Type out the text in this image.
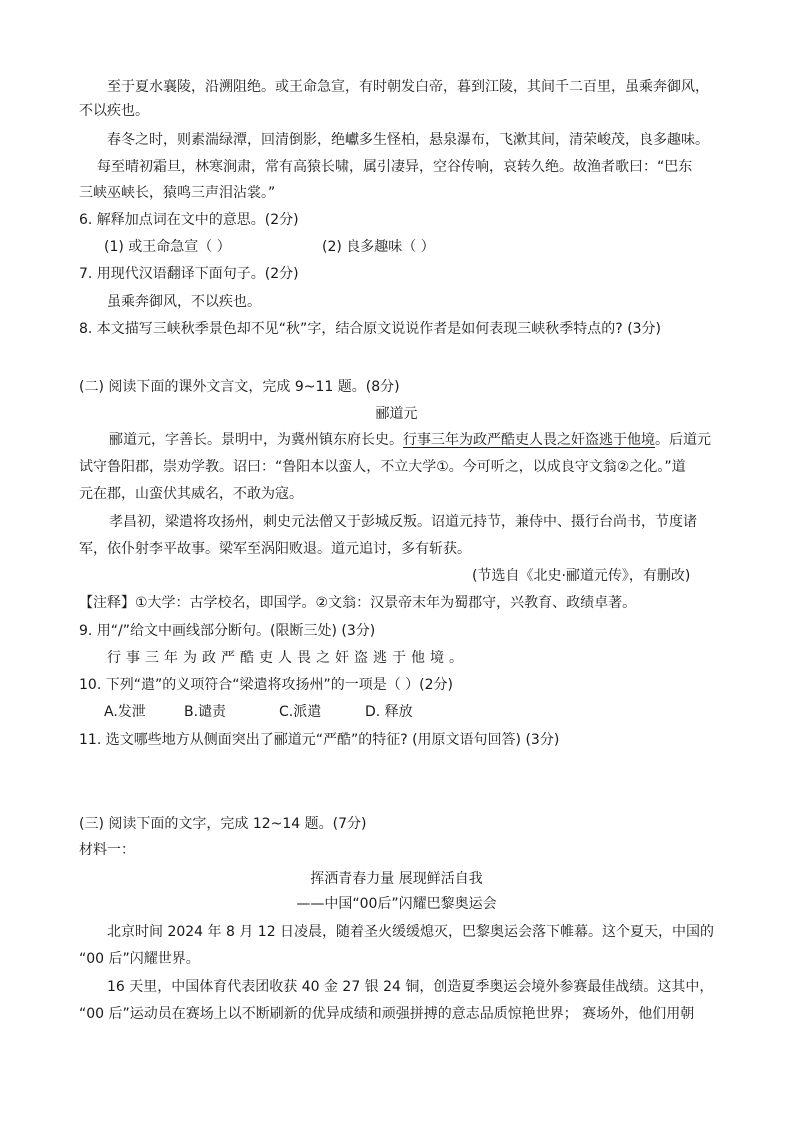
至于夏水襄陵，沿溯阻绝。或王命急宣，有时朝发白帝，暮到江陵，其间千二百里，虽乘奔御风，
不以疾也。
春冬之时，则素湍绿潭，回清倒影，绝巘多生怪柏，悬泉瀑布，飞漱其间，清荣峻茂，良多趣味。
每至晴初霜旦，林寒涧肃，常有高猿长啸，属引凄异，空谷传响，哀转久绝。故渔者歌曰：“巴东
三峡巫峡长，猿鸣三声泪沾裳。”
6. 解释加点词在文中的意思。(2分)
(1) 或王命急宣（ ）	(2) 良多趣味（ ）
7. 用现代汉语翻译下面句子。(2分)
虽乘奔御风，不以疾也。
8. 本文描写三峡秋季景色却不见“秋”字，结合原文说说作者是如何表现三峡秋季特点的? (3分)
(二) 阅读下面的课外文言文，完成 9~11 题。(8分)
郦道元
郦道元，字善长。景明中，为冀州镇东府长史。行事三年为政严酷吏人畏之奸盗逃于他境。后道元
试守鲁阳郡，崇劝学教。诏曰：“鲁阳本以蛮人，不立大学①。今可听之，以成良守文翁②之化。”道
元在郡，山蛮伏其威名，不敢为寇。
孝昌初，梁遣将攻扬州，刺史元法僧又于彭城反叛。诏道元持节，兼侍中、摄行台尚书，节度诸
军，依仆射李平故事。梁军至涡阳败退。道元追讨，多有斩获。
(节选自《北史·郦道元传》，有删改)
【注释】①大学：古学校名，即国学。②文翁：汉景帝末年为蜀郡守，兴教育、政绩卓著。
9. 用“/”给文中画线部分断句。(限断三处) (3分)
行事三年为政严酷吏人畏之奸盗逃于他境。
10. 下列“遣”的义项符合“梁遣将攻扬州”的一项是（ ）(2分)
A.发泄	B.谴责	C.派遣	D. 释放
11. 选文哪些地方从侧面突出了郦道元“严酷”的特征? (用原文语句回答) (3分)
(三) 阅读下面的文字，完成 12~14 题。(7分)
材料一：
挥洒青春力量 展现鲜活自我
——中国“00后”闪耀巴黎奥运会
北京时间 2024 年 8 月 12 日凌晨，随着圣火缓缓熄灭，巴黎奥运会落下帷幕。这个夏天，中国的
“00 后”闪耀世界。
16 天里，中国体育代表团收获 40 金 27 银 24 铜，创造夏季奥运会境外参赛最佳战绩。这其中，
“00 后”运动员在赛场上以不断刷新的优异成绩和顽强拼搏的意志品质惊艳世界； 赛场外，他们用朝
